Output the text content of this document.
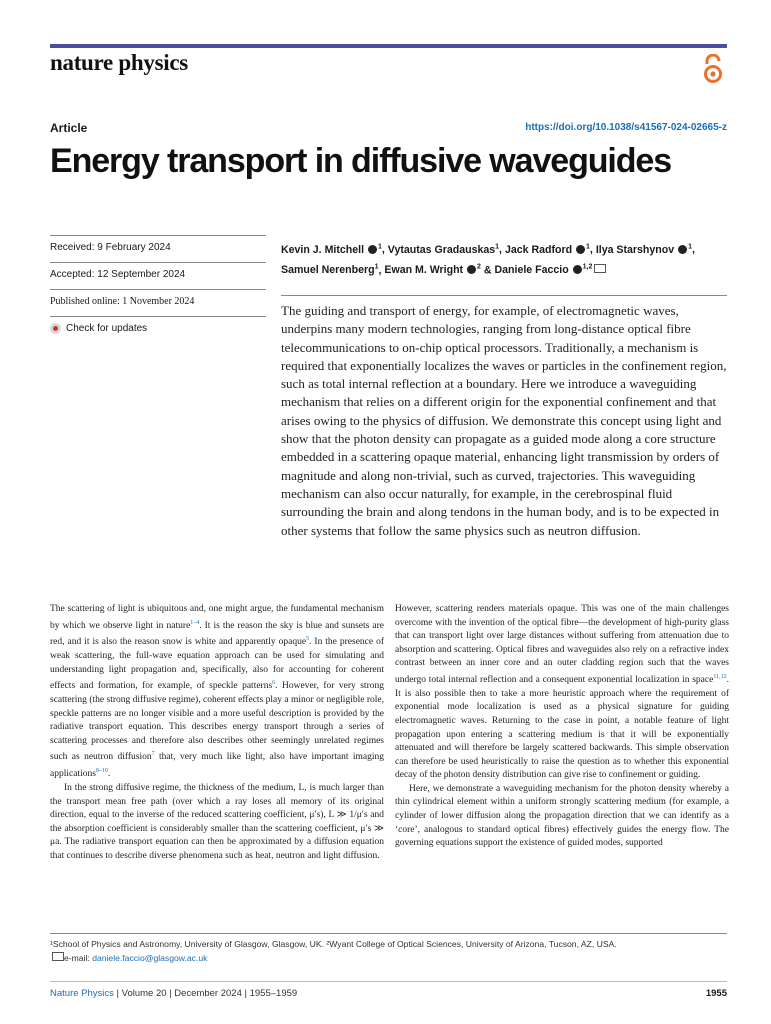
nature physics
Article	https://doi.org/10.1038/s41567-024-02665-z
Energy transport in diffusive waveguides
Received: 9 February 2024
Accepted: 12 September 2024
Published online: 1 November 2024
Check for updates
Kevin J. Mitchell $^1$, Vytautas Gradauskas$^1$, Jack Radford $^1$, Ilya Starshynov $^1$, Samuel Nerenberg$^1$, Ewan M. Wright $^2$ & Daniele Faccio $^{1,2}$

The guiding and transport of energy, for example, of electromagnetic waves, underpins many modern technologies, ranging from long-distance optical fibre telecommunications to on-chip optical processors. Traditionally, a mechanism is required that exponentially localizes the waves or particles in the confinement region, such as total internal reflection at a boundary. Here we introduce a waveguiding mechanism that relies on a different origin for the exponential confinement and that arises owing to the physics of diffusion. We demonstrate this concept using light and show that the photon density can propagate as a guided mode along a core structure embedded in a scattering opaque material, enhancing light transmission by orders of magnitude and along non-trivial, such as curved, trajectories. This waveguiding mechanism can also occur naturally, for example, in the cerebrospinal fluid surrounding the brain and along tendons in the human body, and is to be expected in other systems that follow the same physics such as neutron diffusion.

The scattering of light is ubiquitous and, one might argue, the fundamental mechanism by which we observe light in nature$^{1-4}$. It is the reason the sky is blue and sunsets are red, and it is also the reason snow is white and apparently opaque$^5$. In the presence of weak scattering, the full-wave equation approach can be used for simulating and understanding light propagation and, specifically, also for accounting for coherent effects and formation, for example, of speckle patterns$^6$. However, for very strong scattering (the strong diffusive regime), coherent effects play a minor or negligible role, speckle patterns are no longer visible and a more useful description is provided by the radiative transport equation. This describes energy transport through a series of scattering processes and therefore also describes other seemingly unrelated regimes such as neutron diffusion$^7$ that, very much like light, also have important imaging applications$^{8-10}$.

In the strong diffusive regime, the thickness of the medium, L, is much larger than the transport mean free path (over which a ray loses all memory of its original direction, equal to the inverse of the reduced scattering coefficient, μ′s), L ≫ 1/μ′s and the absorption coefficient is considerably smaller than the scattering coefficient, μ′s ≫ μa. The radiative transport equation can then be approximated by a diffusion equation that continues to describe diverse phenomena such as heat, neutron and light diffusion.

However, scattering renders materials opaque. This was one of the main challenges overcome with the invention of the optical fibre—the development of high-purity glass that can transport light over large distances without suffering from attenuation due to absorption and scattering. Optical fibres and waveguides also rely on a refractive index contrast between an inner core and an outer cladding region such that the waves undergo total internal reflection and a consequent exponential localization in space$^{11,12}$. It is also possible then to take a more heuristic approach where the requirement of exponential mode localization is used as a physical signature for guiding electromagnetic waves. Returning to the case in point, a notable feature of light propagation upon entering a scattering medium is that it will be exponentially attenuated and will therefore be largely scattered backwards. This simple observation can therefore be used heuristically to raise the question as to whether this exponential decay of the photon density distribution can give rise to confinement or guiding.

Here, we demonstrate a waveguiding mechanism for the photon density whereby a thin cylindrical element within a uniform strongly scattering medium (for example, a cylinder of lower diffusion along the propagation direction that we can identify as a ‘core’, analogous to standard optical fibres) effectively guides the energy flow. The governing equations support the existence of guided modes, supported

¹School of Physics and Astronomy, University of Glasgow, Glasgow, UK. ²Wyant College of Optical Sciences, University of Arizona, Tucson, AZ, USA.
e-mail: daniele.faccio@glasgow.ac.uk
Nature Physics | Volume 20 | December 2024 | 1955–1959	1955
